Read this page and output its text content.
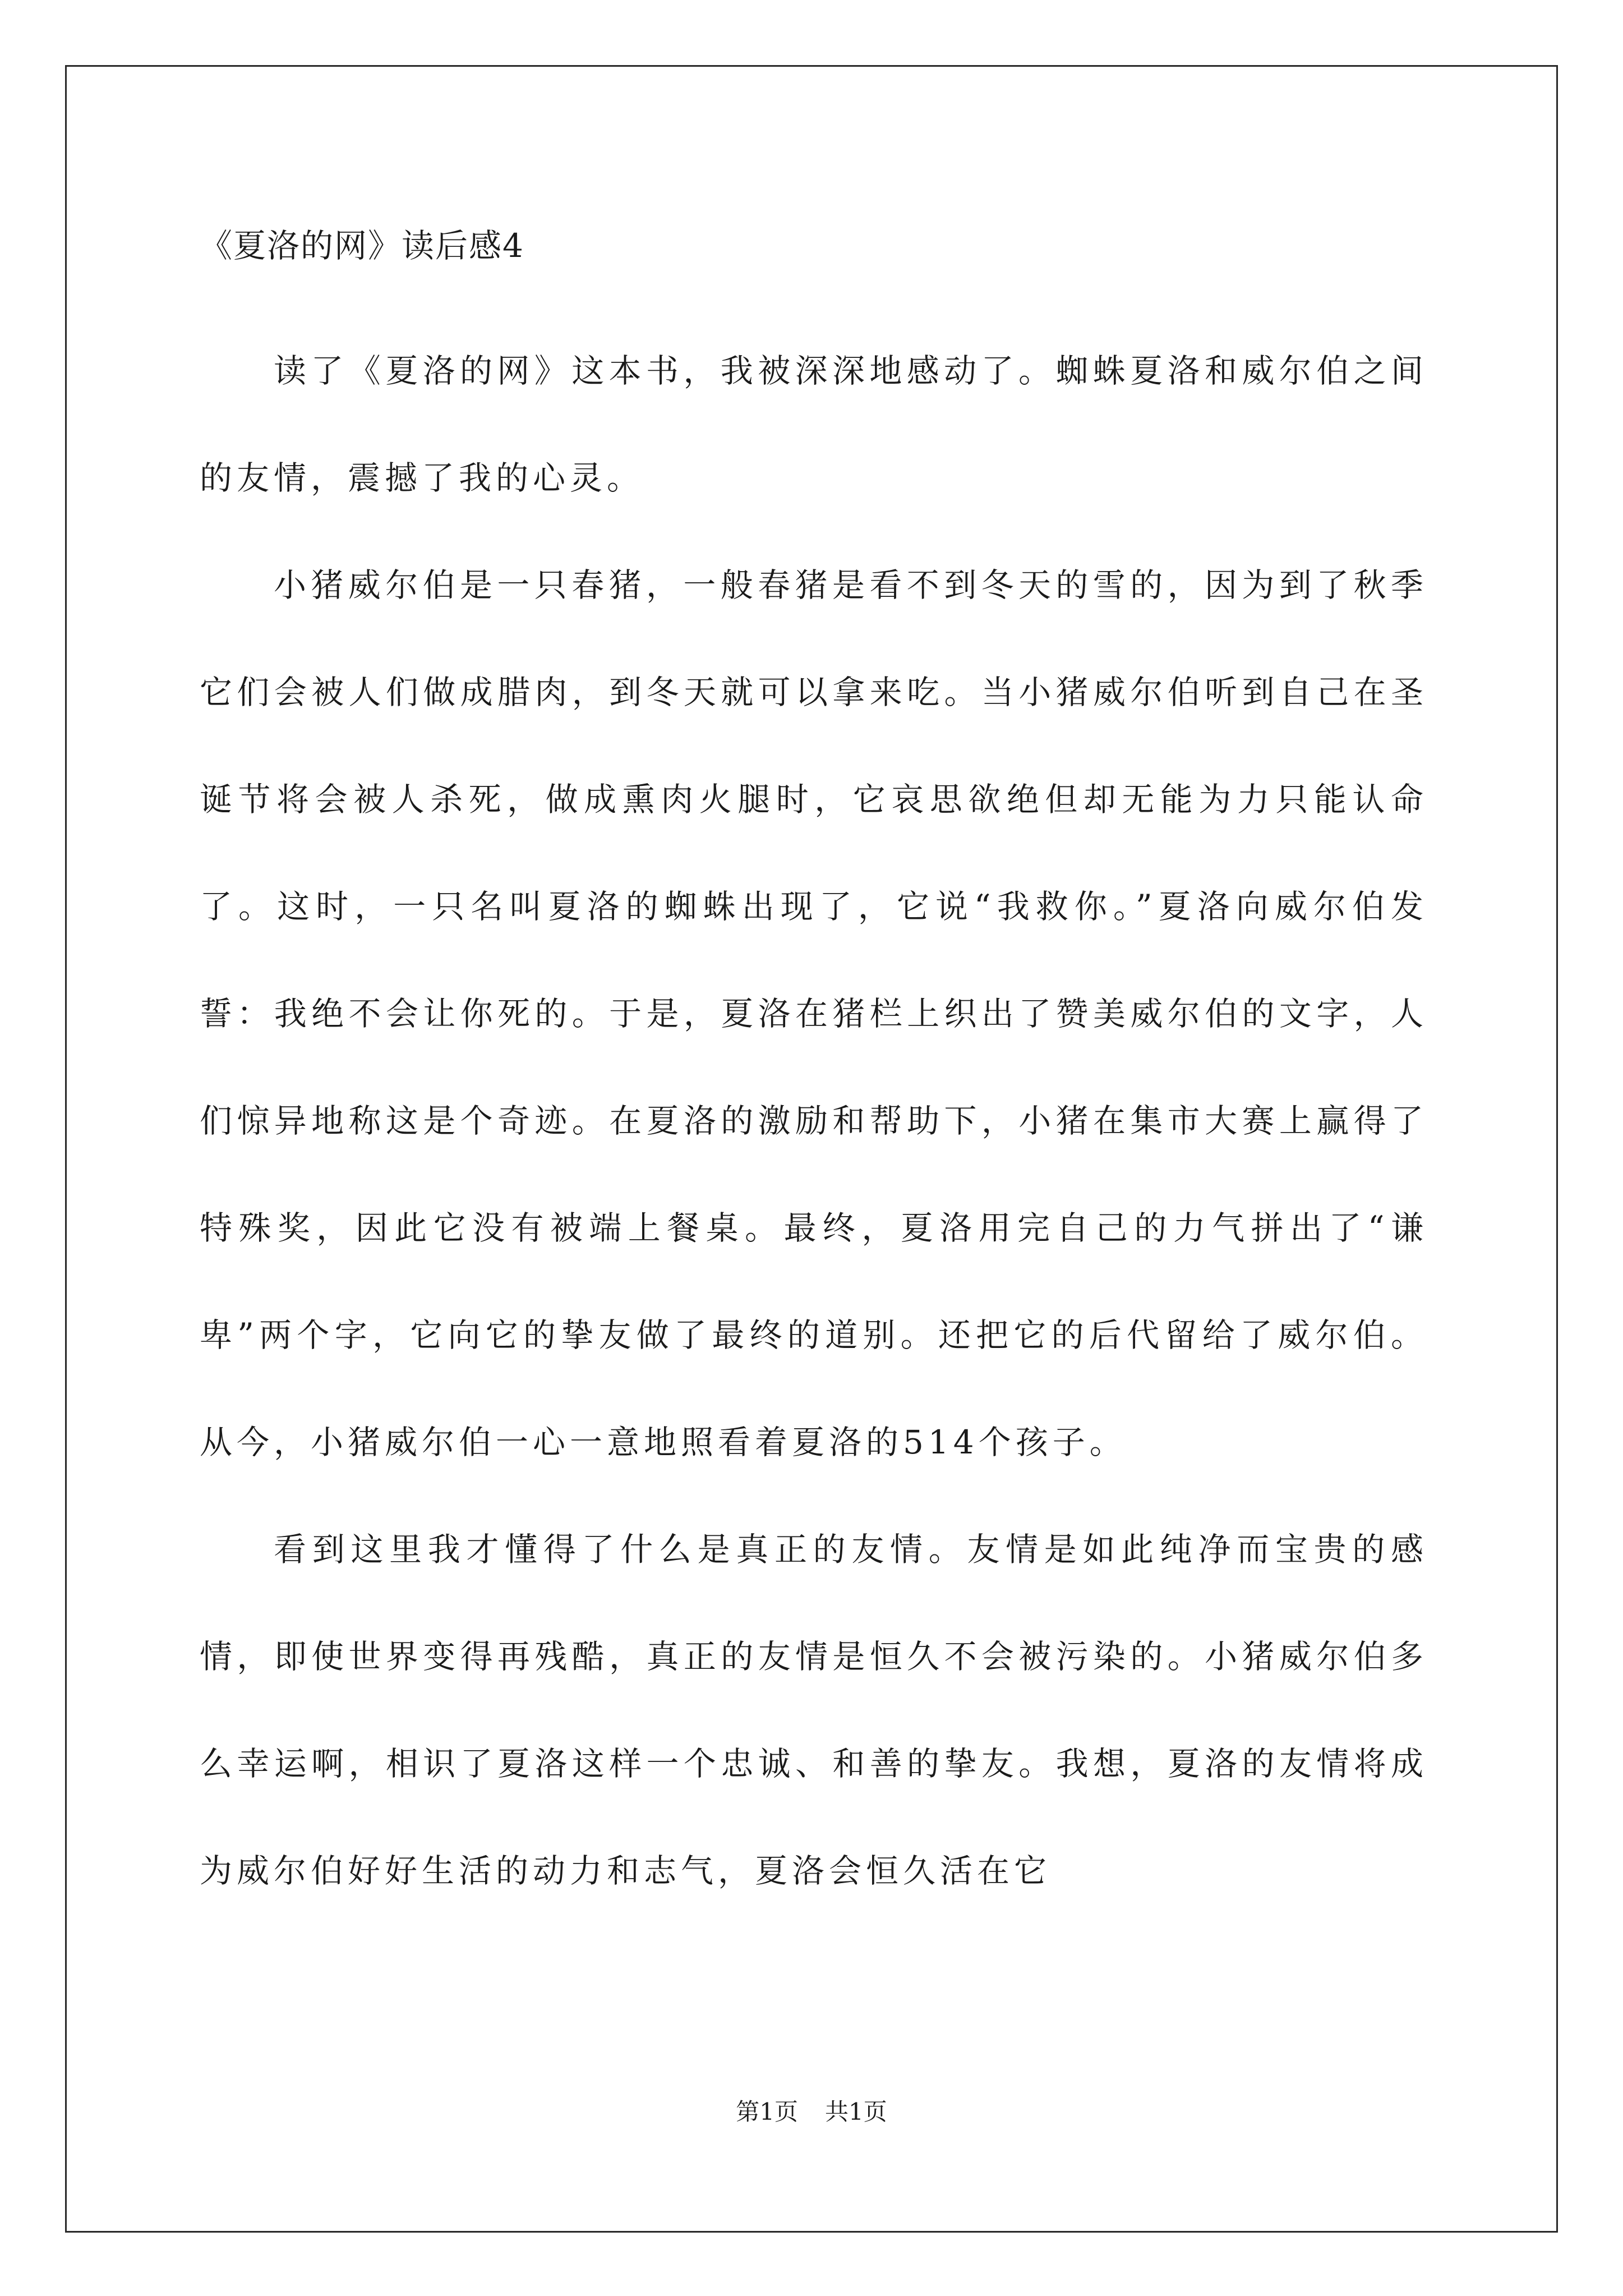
《夏洛的网》读后感4

读了《夏洛的网》这本书，我被深深地感动了。蜘蛛夏洛和威尔伯之间的友情，震撼了我的心灵。

小猪威尔伯是一只春猪，一般春猪是看不到冬天的雪的，因为到了秋季它们会被人们做成腊肉，到冬天就可以拿来吃。当小猪威尔伯听到自己在圣诞节将会被人杀死，做成熏肉火腿时，它哀思欲绝但却无能为力只能认命了。这时，一只名叫夏洛的蜘蛛出现了，它说“我救你。”夏洛向威尔伯发誓：我绝不会让你死的。于是，夏洛在猪栏上织出了赞美威尔伯的文字，人们惊异地称这是个奇迹。在夏洛的激励和帮助下，小猪在集市大赛上赢得了特殊奖，因此它没有被端上餐桌。最终，夏洛用完自己的力气拼出了“谦卑”两个字，它向它的挚友做了最终的道别。还把它的后代留给了威尔伯。从今，小猪威尔伯一心一意地照看着夏洛的514个孩子。

看到这里我才懂得了什么是真正的友情。友情是如此纯净而宝贵的感情，即使世界变得再残酷，真正的友情是恒久不会被污染的。小猪威尔伯多么幸运啊，相识了夏洛这样一个忠诚、和善的挚友。我想，夏洛的友情将成为威尔伯好好生活的动力和志气，夏洛会恒久活在它

第1页 共1页
